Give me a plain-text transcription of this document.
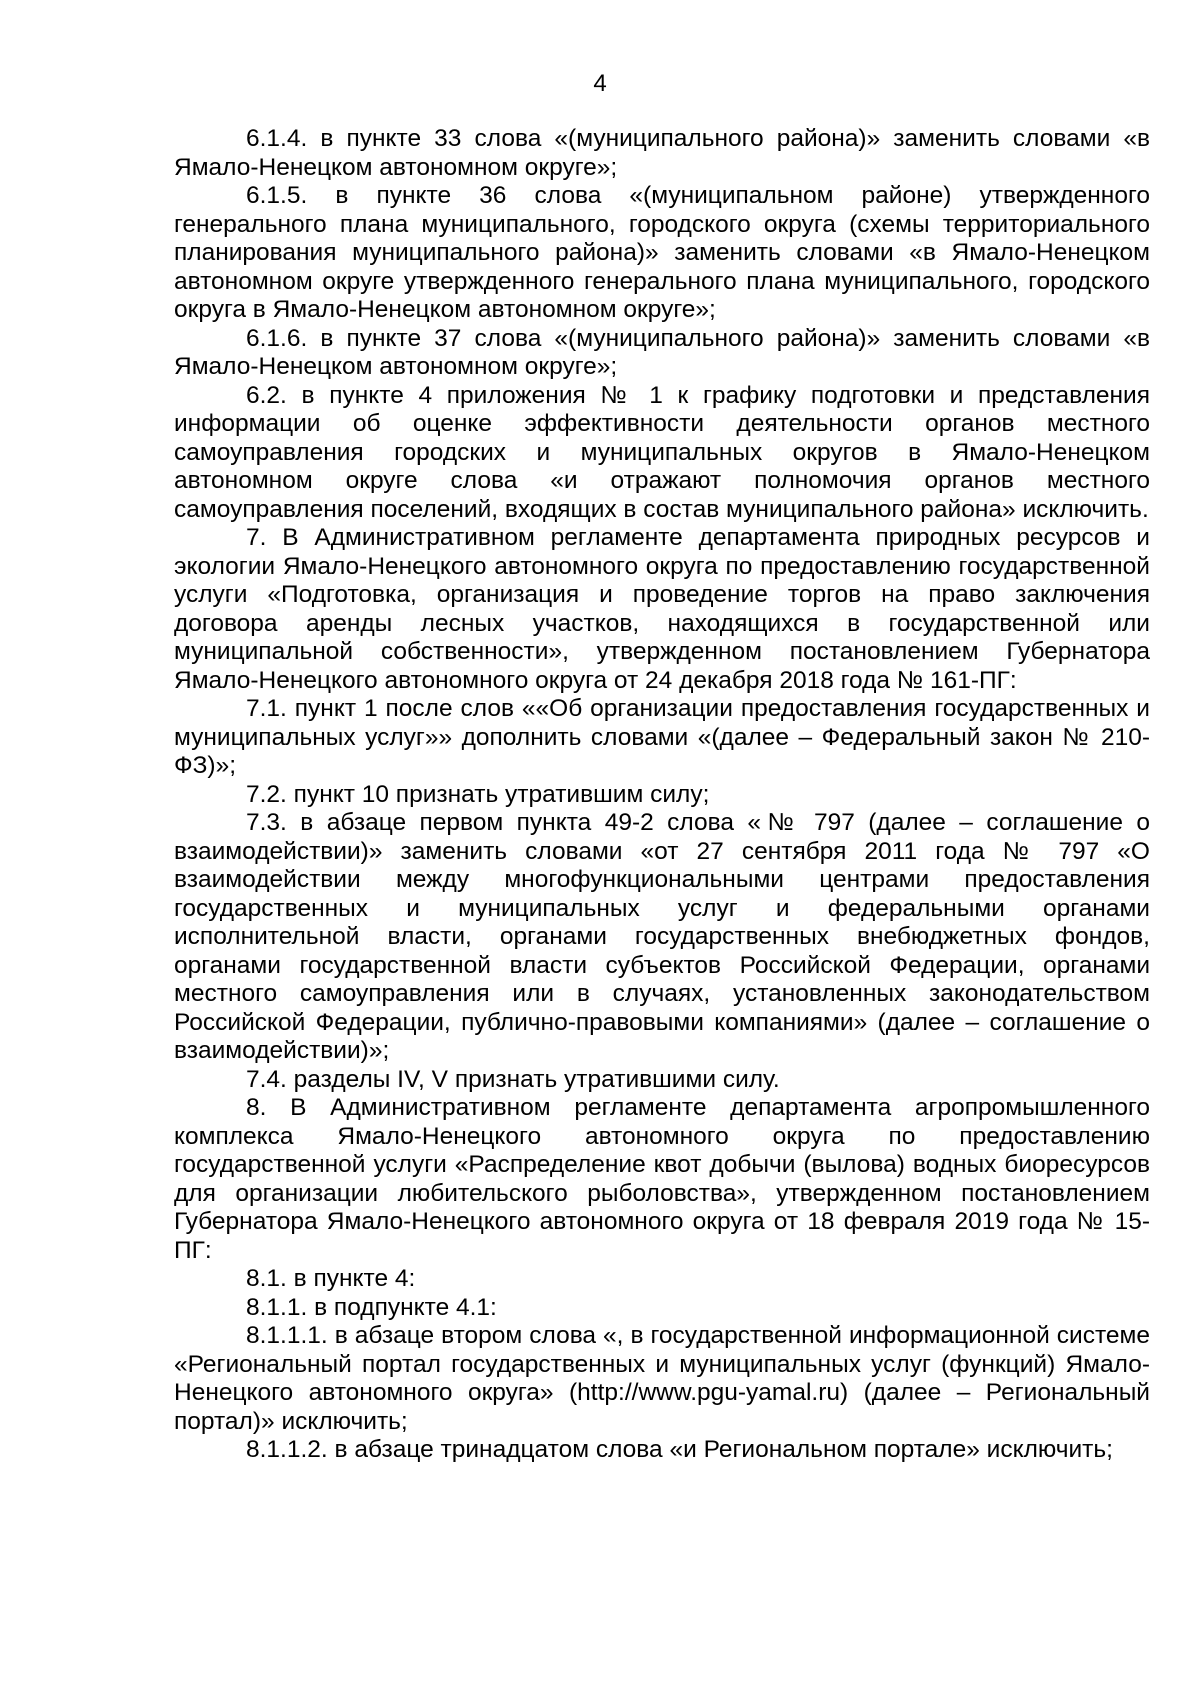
4

6.1.4. в пункте 33 слова «(муниципального района)» заменить словами «в Ямало-Ненецком автономном округе»;

6.1.5. в пункте 36 слова «(муниципальном районе) утвержденного генерального плана муниципального, городского округа (схемы территориального планирования муниципального района)» заменить словами «в Ямало-Ненецком автономном округе утвержденного генерального плана муниципального, городского округа в Ямало-Ненецком автономном округе»;

6.1.6. в пункте 37 слова «(муниципального района)» заменить словами «в Ямало-Ненецком автономном округе»;

6.2. в пункте 4 приложения № 1 к графику подготовки и представления информации об оценке эффективности деятельности органов местного самоуправления городских и муниципальных округов в Ямало-Ненецком автономном округе слова «и отражают полномочия органов местного самоуправления поселений, входящих в состав муниципального района» исключить.

7. В Административном регламенте департамента природных ресурсов и экологии Ямало-Ненецкого автономного округа по предоставлению государственной услуги «Подготовка, организация и проведение торгов на право заключения договора аренды лесных участков, находящихся в государственной или муниципальной собственности», утвержденном постановлением Губернатора Ямало-Ненецкого автономного округа от 24 декабря 2018 года № 161-ПГ:

7.1. пункт 1 после слов ««Об организации предоставления государственных и муниципальных услуг»» дополнить словами «(далее – Федеральный закон № 210-ФЗ)»;

7.2. пункт 10 признать утратившим силу;

7.3. в абзаце первом пункта 49-2 слова «№ 797 (далее – соглашение о взаимодействии)» заменить словами «от 27 сентября 2011 года № 797 «О взаимодействии между многофункциональными центрами предоставления государственных и муниципальных услуг и федеральными органами исполнительной власти, органами государственных внебюджетных фондов, органами государственной власти субъектов Российской Федерации, органами местного самоуправления или в случаях, установленных законодательством Российской Федерации, публично-правовыми компаниями» (далее – соглашение о взаимодействии)»;

7.4. разделы IV, V признать утратившими силу.

8. В Административном регламенте департамента агропромышленного комплекса Ямало-Ненецкого автономного округа по предоставлению государственной услуги «Распределение квот добычи (вылова) водных биоресурсов для организации любительского рыболовства», утвержденном постановлением Губернатора Ямало-Ненецкого автономного округа от 18 февраля 2019 года № 15-ПГ:

8.1. в пункте 4:

8.1.1. в подпункте 4.1:

8.1.1.1. в абзаце втором слова «, в государственной информационной системе «Региональный портал государственных и муниципальных услуг (функций) Ямало-Ненецкого автономного округа» (http://www.pgu-yamal.ru) (далее – Региональный портал)» исключить;

8.1.1.2. в абзаце тринадцатом слова «и Региональном портале» исключить;
